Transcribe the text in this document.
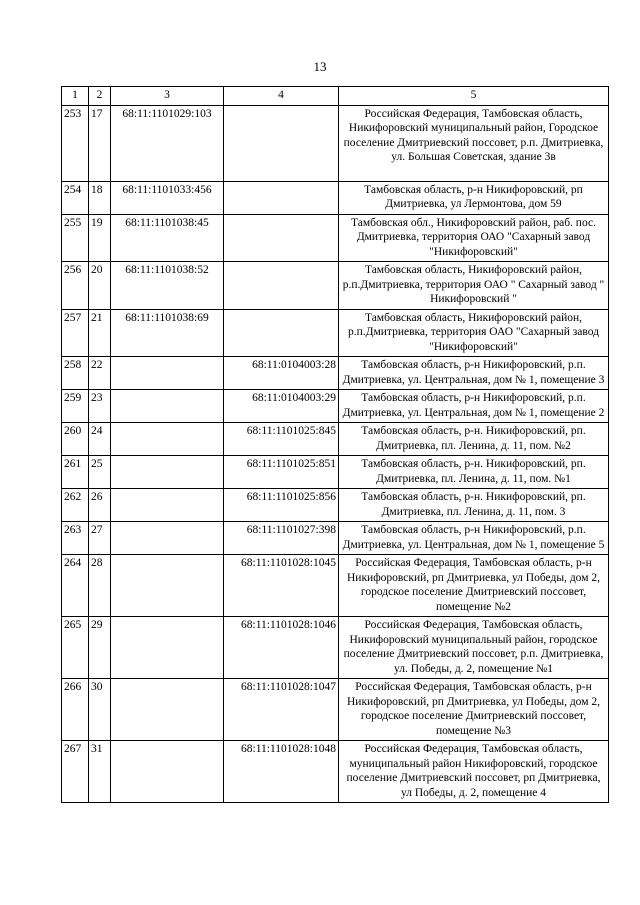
13
1	2	3	4	5
253	17	68:11:1101029:103		Российская Федерация, Тамбовская область, Никифоровский муниципальный район, Городское поселение Дмитриевский поссовет, р.п. Дмитриевка, ул. Большая Советская, здание 3в
254	18	68:11:1101033:456		Тамбовская область, р-н Никифоровский, рп Дмитриевка, ул Лермонтова, дом 59
255	19	68:11:1101038:45		Тамбовская обл., Никифоровский район, раб. пос. Дмитриевка, территория ОАО "Сахарный завод "Никифоровский"
256	20	68:11:1101038:52		Тамбовская область, Никифоровский район, р.п.Дмитриевка, территория ОАО " Сахарный завод " Никифоровский "
257	21	68:11:1101038:69		Тамбовская область, Никифоровский район, р.п.Дмитриевка, территория ОАО "Сахарный завод "Никифоровский"
258	22		68:11:0104003:28	Тамбовская область, р-н Никифоровский, р.п. Дмитриевка, ул. Центральная, дом № 1, помещение 3
259	23		68:11:0104003:29	Тамбовская область, р-н Никифоровский, р.п. Дмитриевка, ул. Центральная, дом № 1, помещение 2
260	24		68:11:1101025:845	Тамбовская область, р-н. Никифоровский, рп. Дмитриевка, пл. Ленина, д. 11, пом. №2
261	25		68:11:1101025:851	Тамбовская область, р-н. Никифоровский, рп. Дмитриевка, пл. Ленина, д. 11, пом. №1
262	26		68:11:1101025:856	Тамбовская область, р-н. Никифоровский, рп. Дмитриевка, пл. Ленина, д. 11, пом. 3
263	27		68:11:1101027:398	Тамбовская область, р-н Никифоровский, р.п. Дмитриевка, ул. Центральная, дом № 1, помещение 5
264	28		68:11:1101028:1045	Российская Федерация, Тамбовская область, р-н Никифоровский, рп Дмитриевка, ул Победы, дом 2, городское поселение Дмитриевский поссовет, помещение №2
265	29		68:11:1101028:1046	Российская Федерация, Тамбовская область, Никифоровский муниципальный район, городское поселение Дмитриевский поссовет, р.п. Дмитриевка, ул. Победы, д. 2, помещение №1
266	30		68:11:1101028:1047	Российская Федерация, Тамбовская область, р-н Никифоровский, рп Дмитриевка, ул Победы, дом 2, городское поселение Дмитриевский поссовет, помещение №3
267	31		68:11:1101028:1048	Российская Федерация, Тамбовская область, муниципальный район Никифоровский, городское поселение Дмитриевский поссовет, рп Дмитриевка, ул Победы, д. 2, помещение 4
